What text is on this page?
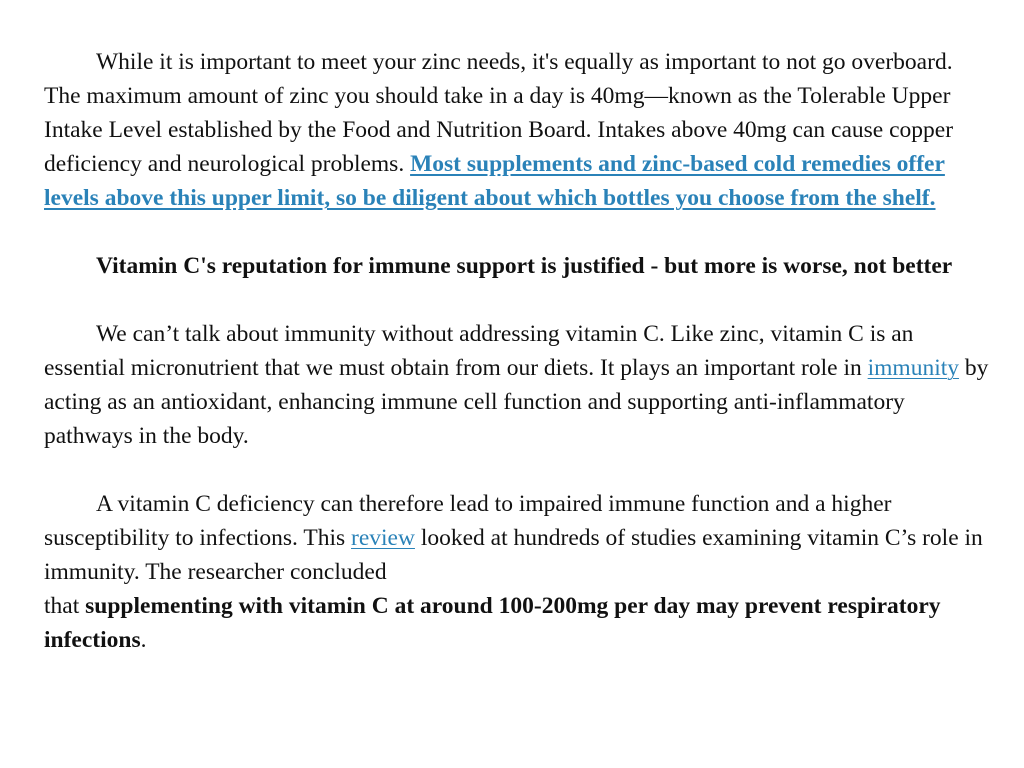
While it is important to meet your zinc needs, it's equally as important to not go overboard. The maximum amount of zinc you should take in a day is 40mg—known as the Tolerable Upper Intake Level established by the Food and Nutrition Board. Intakes above 40mg can cause copper deficiency and neurological problems. Most supplements and zinc-based cold remedies offer levels above this upper limit, so be diligent about which bottles you choose from the shelf.

Vitamin C's reputation for immune support is justified - but more is worse, not better

We can’t talk about immunity without addressing vitamin C. Like zinc, vitamin C is an essential micronutrient that we must obtain from our diets. It plays an important role in immunity by acting as an antioxidant, enhancing immune cell function and supporting anti-inflammatory pathways in the body.

A vitamin C deficiency can therefore lead to impaired immune function and a higher susceptibility to infections. This review looked at hundreds of studies examining vitamin C’s role in immunity. The researcher concluded
that supplementing with vitamin C at around 100-200mg per day may prevent respiratory infections.
